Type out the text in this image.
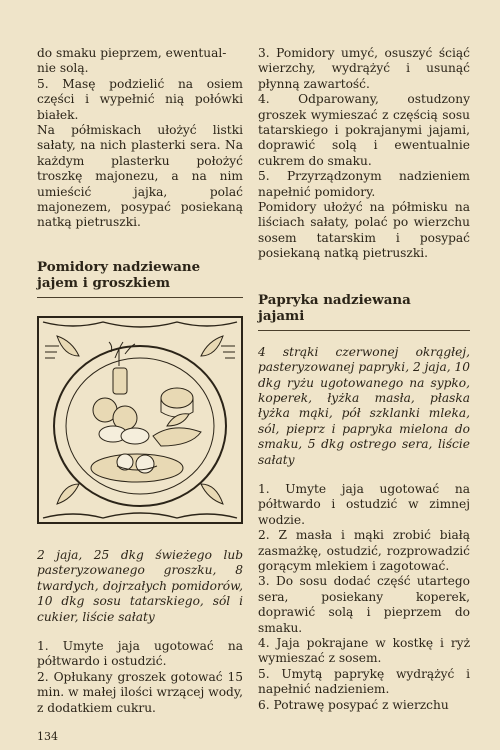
do smaku pieprzem, ewentual-

nie solą.

5. Masę podzielić na osiem części i wypełnić nią połówki białek.

Na półmiskach ułożyć listki sałaty, na nich plasterki sera. Na każdym plasterku położyć troszkę majonezu, a na nim umieścić jajka, polać majonezem, posypać posiekaną natką pietruszki.

Pomidory nadziewane
jajem i groszkiem

2 jaja, 25 dkg świeżego lub pasteryzowanego groszku, 8 twardych, dojrzałych pomidorów, 10 dkg sosu tatarskiego, sól i cukier, liście sałaty

1. Umyte jaja ugotować na półtwardo i ostudzić.

2. Opłukany groszek gotować 15 min. w małej ilości wrzącej wody, z dodatkiem cukru.

3. Pomidory umyć, osuszyć ściąć wierzchy, wydrążyć i usunąć płynną zawartość.

4. Odparowany, ostudzony groszek wymieszać z częścią sosu tatarskiego i pokrajanymi jajami, doprawić solą i ewentualnie cukrem do smaku.

5. Przyrządzonym nadzieniem napełnić pomidory.

Pomidory ułożyć na półmisku na liściach sałaty, polać po wierzchu sosem tatarskim i posypać posiekaną natką pietruszki.

Papryka nadziewana
jajami

4 strąki czerwonej okrągłej, pasteryzowanej papryki, 2 jaja, 10 dkg ryżu ugotowanego na sypko, koperek, łyżka masła, płaska łyżka mąki, pół szklanki mleka, sól, pieprz i papryka mielona do smaku, 5 dkg ostrego sera, liście sałaty

1. Umyte jaja ugotować na półtwardo i ostudzić w zimnej wodzie.

2. Z masła i mąki zrobić białą zasmażkę, ostudzić, rozprowadzić gorącym mlekiem i zagotować.

3. Do sosu dodać część utartego sera, posiekany koperek, doprawić solą i pieprzem do smaku.

4. Jaja pokrajane w kostkę i ryż wymieszać z sosem.

5. Umytą paprykę wydrążyć i napełnić nadzieniem.

6. Potrawę posypać z wierzchu

134
